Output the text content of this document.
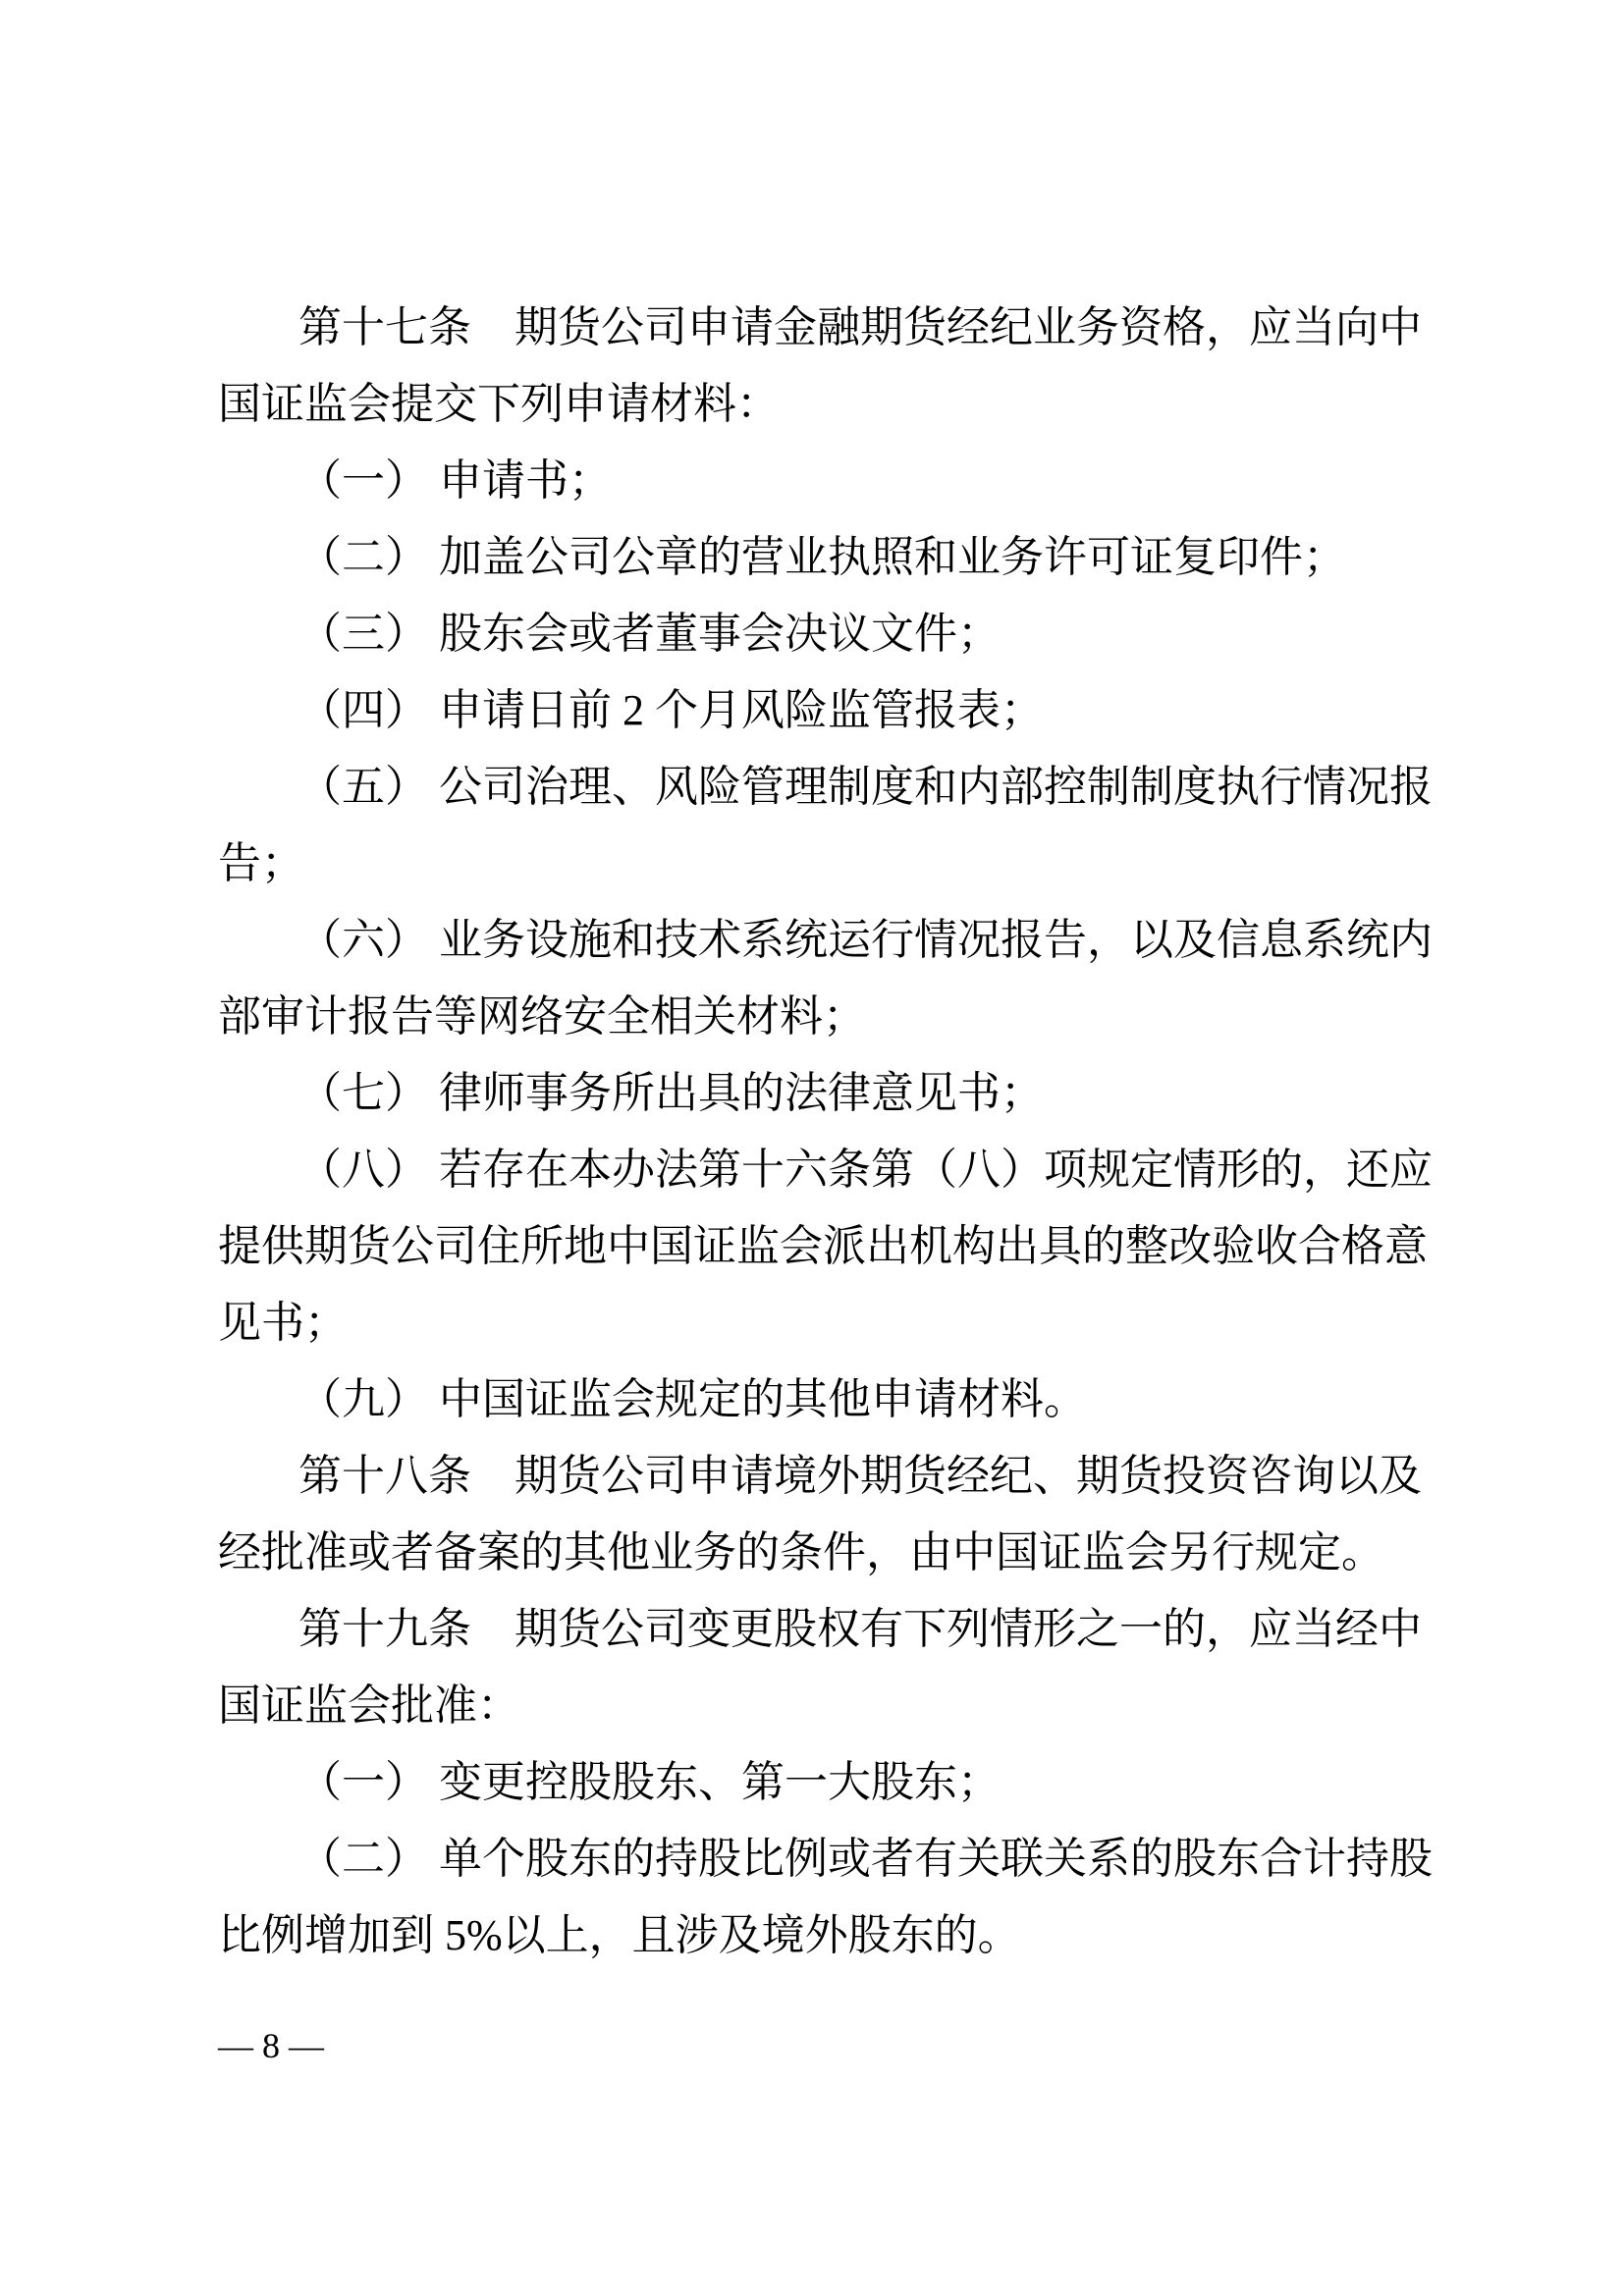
第十七条　期货公司申请金融期货经纪业务资格，应当向中
国证监会提交下列申请材料：
（一） 申请书；
（二） 加盖公司公章的营业执照和业务许可证复印件；
（三） 股东会或者董事会决议文件；
（四） 申请日前 2 个月风险监管报表；
（五） 公司治理、风险管理制度和内部控制制度执行情况报
告；
（六） 业务设施和技术系统运行情况报告，以及信息系统内
部审计报告等网络安全相关材料；
（七） 律师事务所出具的法律意见书；
（八） 若存在本办法第十六条第（八）项规定情形的，还应
提供期货公司住所地中国证监会派出机构出具的整改验收合格意
见书；
（九） 中国证监会规定的其他申请材料。
第十八条　期货公司申请境外期货经纪、期货投资咨询以及
经批准或者备案的其他业务的条件，由中国证监会另行规定。
第十九条　期货公司变更股权有下列情形之一的，应当经中
国证监会批准：
（一） 变更控股股东、第一大股东；
（二） 单个股东的持股比例或者有关联关系的股东合计持股
比例增加到 5%以上，且涉及境外股东的。
— 8 —
